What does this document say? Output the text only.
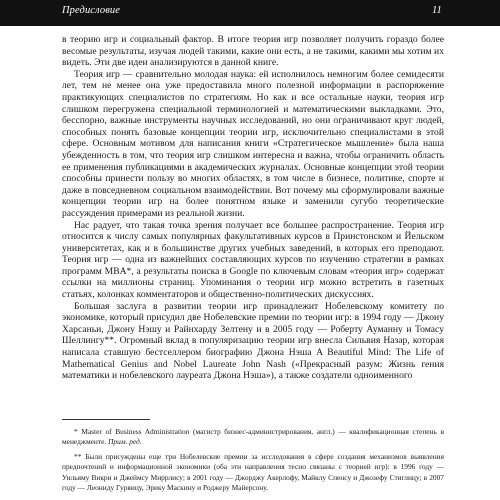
Предисловие	11

в теорию игр и социальный фактор. В итоге теория игр позволяет получить гораздо более весомые результаты, изучая людей такими, какие они есть, а не такими, какими мы хотим их видеть. Эти две идеи анализируются в данной книге.

Теория игр — сравнительно молодая наука: ей исполнилось немногим более семидесяти лет, тем не менее она уже предоставила много полезной информации в распоряжение практикующих специалистов по стратегиям. Но как и все остальные науки, теория игр слишком перегружена специальной терминологией и математическими выкладками. Это, бесспорно, важные инструменты научных исследований, но они ограничивают круг людей, способных понять базовые концепции теории игр, исключительно специалистами в этой сфере. Основным мотивом для написания книги «Стратегическое мышление» была наша убежденность в том, что теория игр слишком интересна и важна, чтобы ограничить область ее применения публикациями в академических журналах. Основные концепции этой теории способны принести пользу во многих областях, в том числе в бизнесе, политике, спорте и даже в повседневном социальном взаимодействии. Вот почему мы сформулировали важные концепции теории игр на более понятном языке и заменили сугубо теоретические рассуждения примерами из реальной жизни.

Нас радует, что такая точка зрения получает все большее распространение. Теория игр относится к числу самых популярных факультативных курсов в Принстонском и Йельском университетах, как и в большинстве других учебных заведений, в которых его преподают. Теория игр — одна из важнейших составляющих курсов по изучению стратегии в рамках программ MBA*, а результаты поиска в Google по ключевым словам «теория игр» содержат ссылки на миллионы страниц. Упоминания о теории игр можно встретить в газетных статьях, колонках комментаторов и общественно-политических дискуссиях.

Большая заслуга в развитии теории игр принадлежит Нобелевскому комитету по экономике, который присудил две Нобелевские премии по теории игр: в 1994 году — Джону Харсаньи, Джону Нэшу и Райнхарду Зелтену и в 2005 году — Роберту Ауманну и Томасу Шеллингу**. Огромный вклад в популяризацию теории игр внесла Сильвия Назар, которая написала ставшую бестселлером биографию Джона Нэша A Beautiful Mind: The Life of Mathematical Genius and Nobel Laureate John Nash («Прекрасный разум: Жизнь гения математики и нобелевского лауреата Джона Нэша»), а также создатели одноименного

* Master of Business Administration (магистр бизнес-администрирования, англ.) — квалификационная степень в менеджменте. Прим. ред.

** Были присуждены еще три Нобелевские премии за исследования в сфере создания механизмов выявления предпочтений и информационной экономики (оба эти направления тесно связаны с теорией игр): в 1996 году — Уильяму Викри и Джеймсу Миррлису; в 2001 году — Джорджу Акерлофу, Майклу Спенсу и Джозефу Стиглицу; в 2007 году — Леониду Гурвицу, Эрику Маскину и Роджеру Майерсону.
